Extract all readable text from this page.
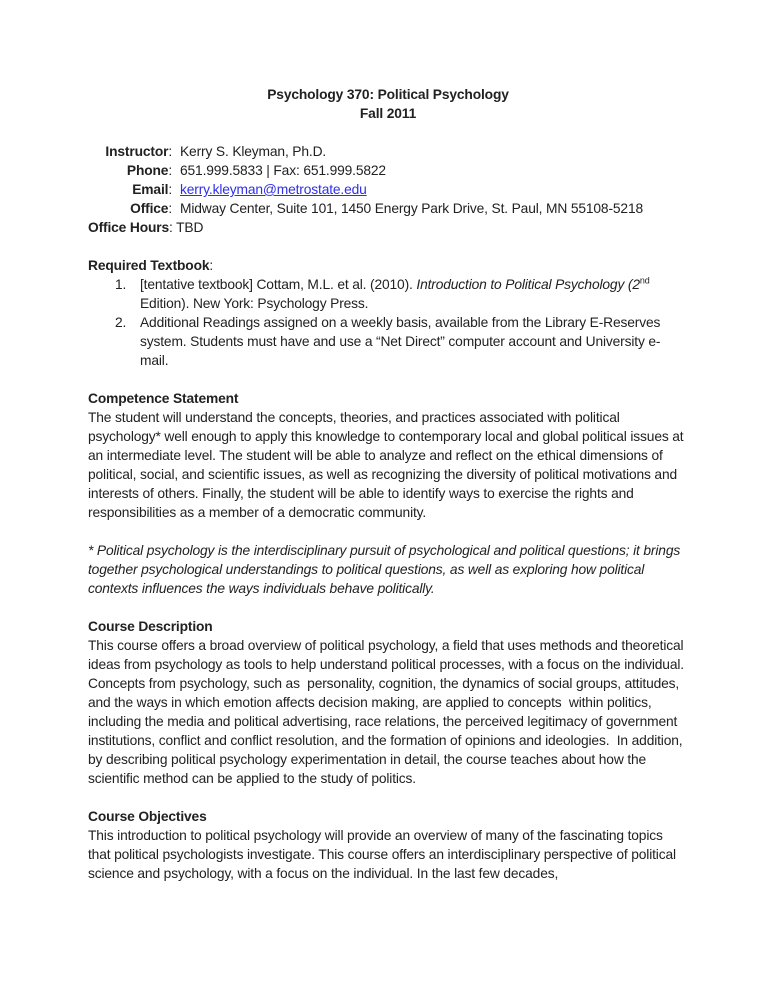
Psychology 370: Political Psychology
Fall 2011
Instructor: Kerry S. Kleyman, Ph.D.
Phone: 651.999.5833 | Fax: 651.999.5822
Email: kerry.kleyman@metrostate.edu
Office: Midway Center, Suite 101, 1450 Energy Park Drive, St. Paul, MN 55108-5218
Office Hours: TBD
Required Textbook:
1. [tentative textbook] Cottam, M.L. et al. (2010). Introduction to Political Psychology (2nd Edition). New York: Psychology Press.
2. Additional Readings assigned on a weekly basis, available from the Library E-Reserves system. Students must have and use a “Net Direct” computer account and University e-mail.
Competence Statement

The student will understand the concepts, theories, and practices associated with political psychology* well enough to apply this knowledge to contemporary local and global political issues at an intermediate level. The student will be able to analyze and reflect on the ethical dimensions of political, social, and scientific issues, as well as recognizing the diversity of political motivations and interests of others. Finally, the student will be able to identify ways to exercise the rights and responsibilities as a member of a democratic community.

* Political psychology is the interdisciplinary pursuit of psychological and political questions; it brings together psychological understandings to political questions, as well as exploring how political contexts influences the ways individuals behave politically.

Course Description

This course offers a broad overview of political psychology, a field that uses methods and theoretical ideas from psychology as tools to help understand political processes, with a focus on the individual.  Concepts from psychology, such as  personality, cognition, the dynamics of social groups, attitudes, and the ways in which emotion affects decision making, are applied to concepts  within politics, including the media and political advertising, race relations, the perceived legitimacy of government institutions, conflict and conflict resolution, and the formation of opinions and ideologies.  In addition, by describing political psychology experimentation in detail, the course teaches about how the scientific method can be applied to the study of politics.

Course Objectives

This introduction to political psychology will provide an overview of many of the fascinating topics that political psychologists investigate. This course offers an interdisciplinary perspective of political science and psychology, with a focus on the individual. In the last few decades,
